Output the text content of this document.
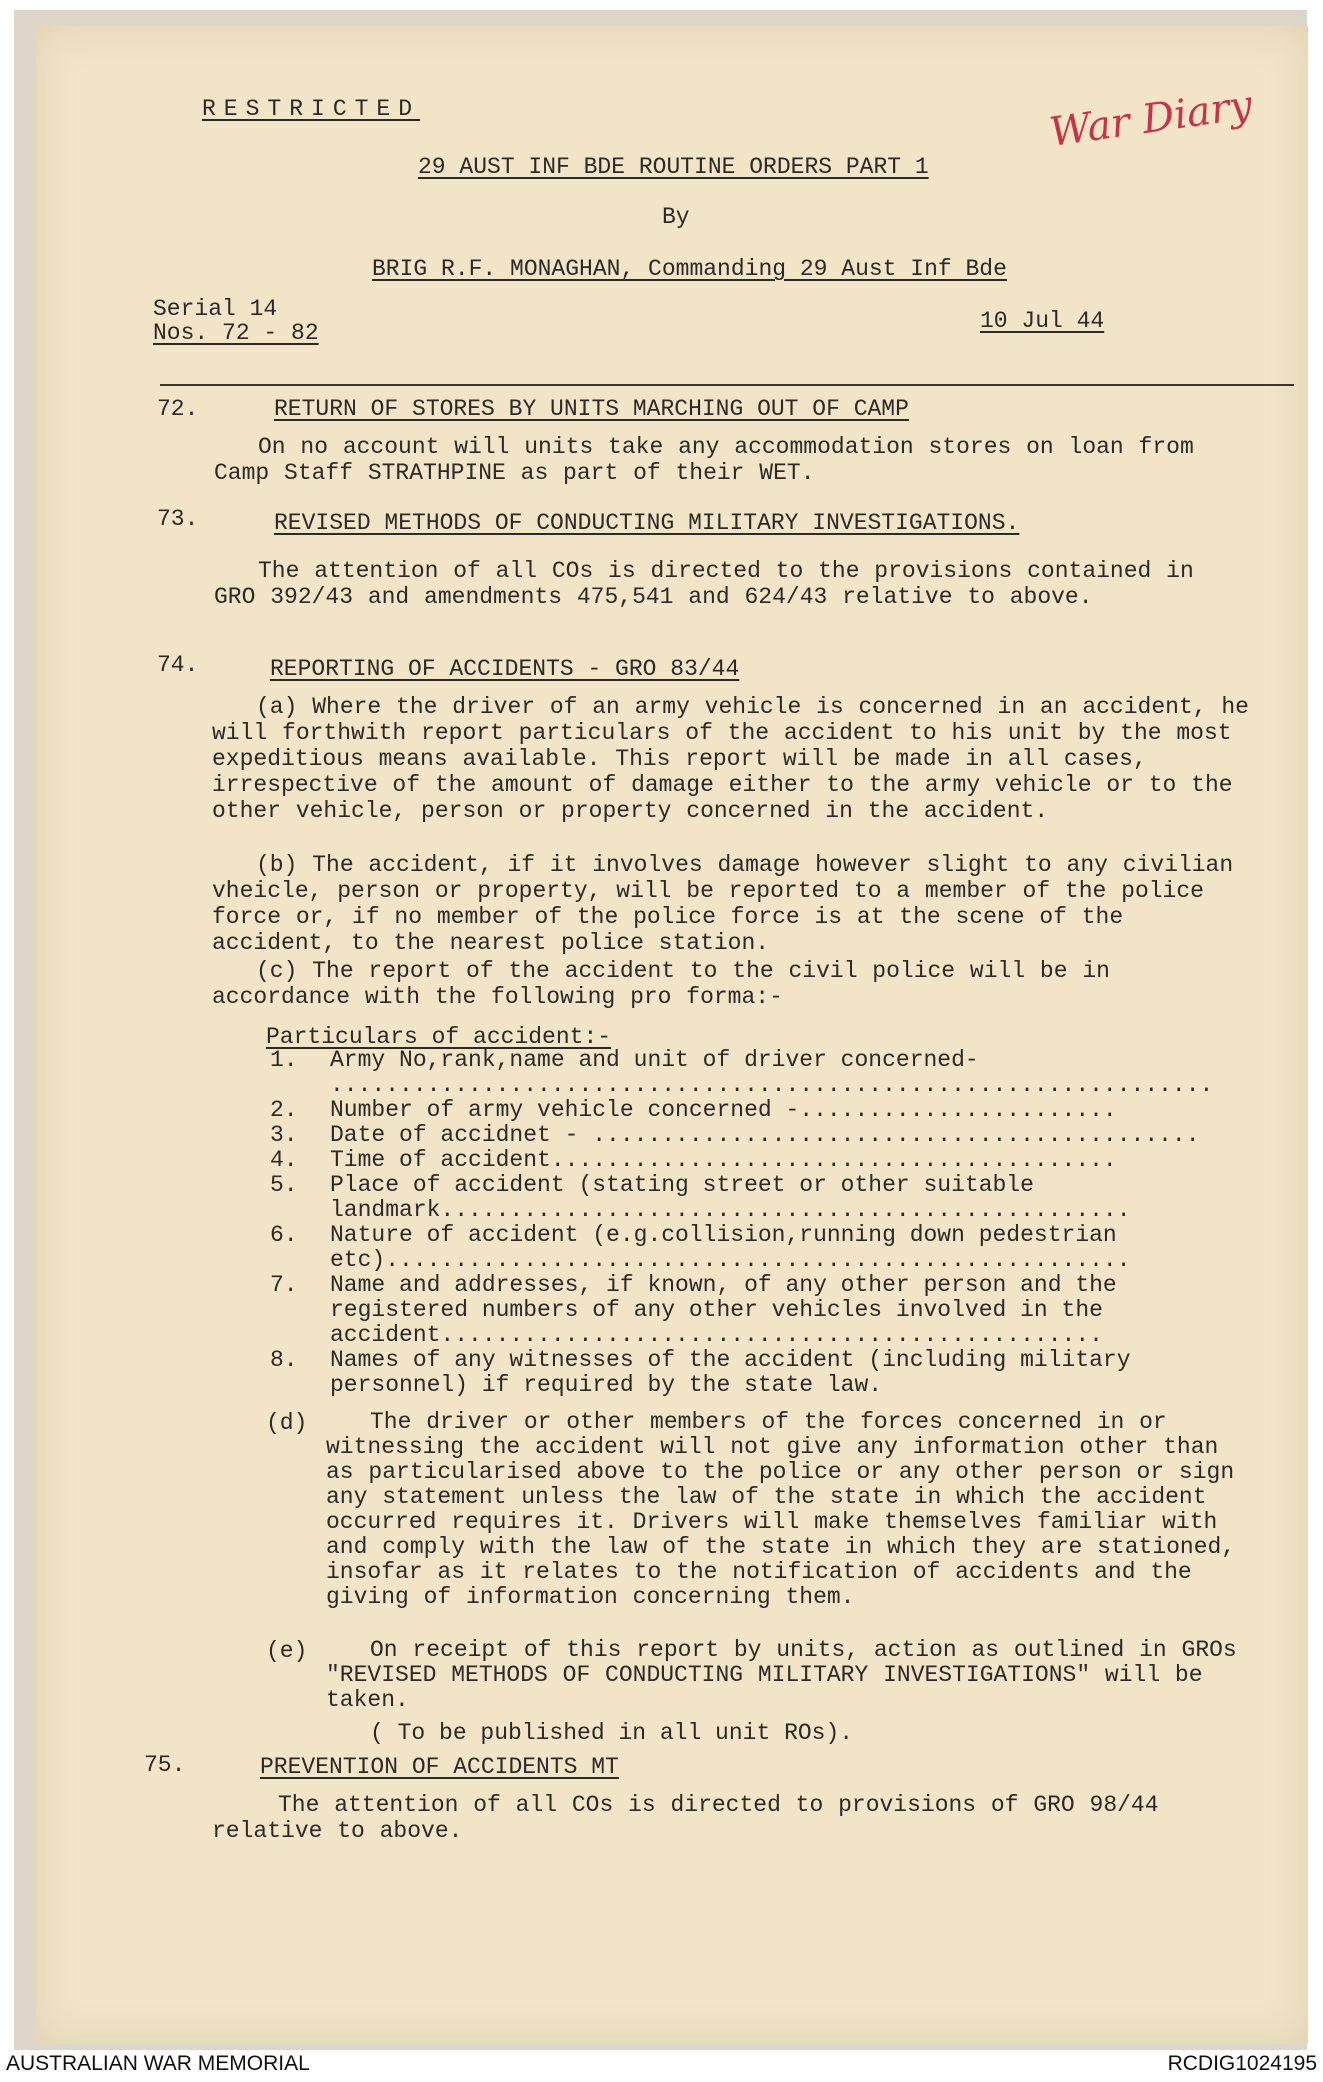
RESTRICTED	War Diary
29 AUST INF BDE ROUTINE ORDERS PART 1
By
BRIG R.F. MONAGHAN, Commanding 29 Aust Inf Bde
Serial 14
Nos. 72 - 82	10 Jul 44
72.	RETURN OF STORES BY UNITS MARCHING OUT OF CAMP

On no account will units take any accommodation stores on loan from Camp Staff STRATHPINE as part of their WET.

73.	REVISED METHODS OF CONDUCTING MILITARY INVESTIGATIONS.

The attention of all COs is directed to the provisions contained in GRO 392/43 and amendments 475,541 and 624/43 relative to above.

74.	REPORTING OF ACCIDENTS - GRO 83/44

(a) Where the driver of an army vehicle is concerned in an accident, he will forthwith report particulars of the accident to his unit by the most expeditious means available. This report will be made in all cases, irrespective of the amount of damage either to the army vehicle or to the other vehicle, person or property concerned in the accident.

(b) The accident, if it involves damage however slight to any civilian vheicle, person or property, will be reported to a member of the police force or, if no member of the police force is at the scene of the accident, to the nearest police station.

(c) The report of the accident to the civil police will be in accordance with the following pro forma:-

Particulars of accident:-
1. Army No,rank,name and unit of driver concerned-
................................................................
2. Number of army vehicle concerned -.......................
3. Date of accidnet - ............................................
4. Time of accident.........................................
5. Place of accident (stating street or other suitable
landmark..................................................
6. Nature of accident (e.g.collision,running down pedestrian
etc)......................................................
7. Name and addresses, if known, of any other person and the
registered numbers of any other vehicles involved in the
accident................................................
8. Names of any witnesses of the accident (including military
personnel) if required by the state law.
(d)	The driver or other members of the forces concerned in or witnessing the accident will not give any information other than as particularised above to the police or any other person or sign any statement unless the law of the state in which the accident occurred requires it. Drivers will make themselves familiar with and comply with the law of the state in which they are stationed, insofar as it relates to the notification of accidents and the giving of information concerning them.

(e)	On receipt of this report by units, action as outlined in GROs "REVISED METHODS OF CONDUCTING MILITARY INVESTIGATIONS" will be taken.

( To be published in all unit ROs).
75.	PREVENTION OF ACCIDENTS MT

The attention of all COs is directed to provisions of GRO 98/44 relative to above.

AUSTRALIAN WAR MEMORIAL	RCDIG1024195
